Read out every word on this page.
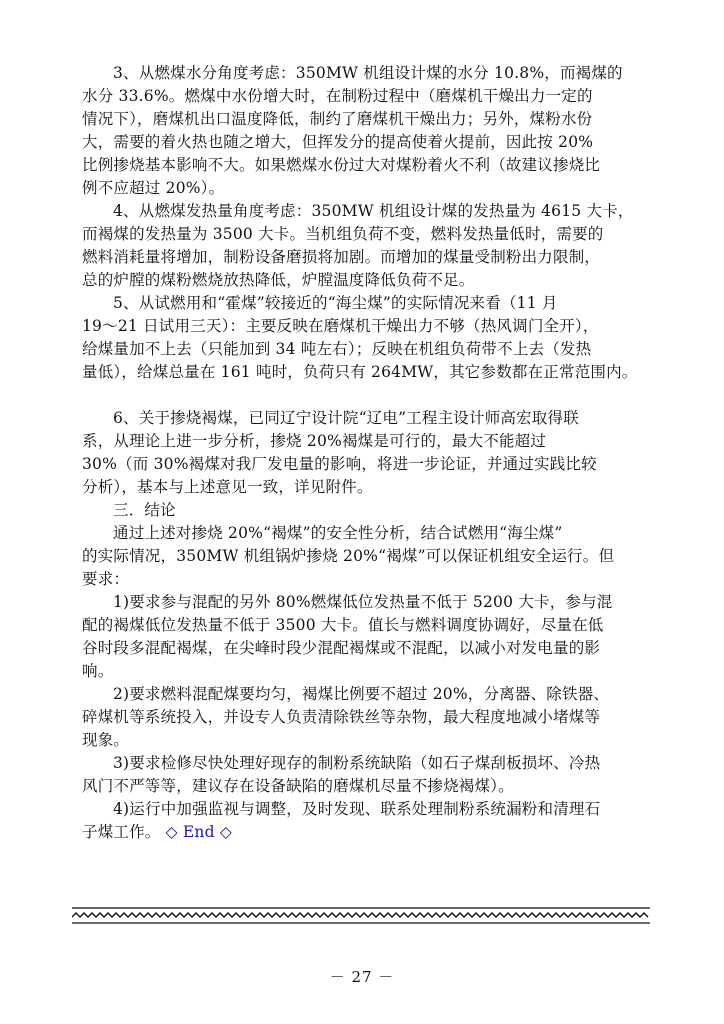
3、从燃煤水分角度考虑：350MW 机组设计煤的水分 10.8%，而褐煤的
水分 33.6%。燃煤中水份增大时，在制粉过程中（磨煤机干燥出力一定的
情况下），磨煤机出口温度降低，制约了磨煤机干燥出力；另外，煤粉水份
大，需要的着火热也随之增大，但挥发分的提高使着火提前，因此按 20%
比例掺烧基本影响不大。如果燃煤水份过大对煤粉着火不利（故建议掺烧比
例不应超过 20%）。
4、从燃煤发热量角度考虑：350MW 机组设计煤的发热量为 4615 大卡，
而褐煤的发热量为 3500 大卡。当机组负荷不变，燃料发热量低时，需要的
燃料消耗量将增加，制粉设备磨损将加剧。而增加的煤量受制粉出力限制，
总的炉膛的煤粉燃烧放热降低，炉膛温度降低负荷不足。
5、从试燃用和“霍煤”较接近的“海尘煤”的实际情况来看（11 月
19～21 日试用三天）：主要反映在磨煤机干燥出力不够（热风调门全开），
给煤量加不上去（只能加到 34 吨左右）；反映在机组负荷带不上去（发热
量低），给煤总量在 161 吨时，负荷只有 264MW，其它参数都在正常范围内。
6、关于掺烧褐煤，已同辽宁设计院“辽电”工程主设计师高宏取得联
系，从理论上进一步分析，掺烧 20%褐煤是可行的，最大不能超过
30%（而 30%褐煤对我厂发电量的影响，将进一步论证，并通过实践比较
分析），基本与上述意见一致，详见附件。
三．结论
通过上述对掺烧 20%“褐煤”的安全性分析，结合试燃用“海尘煤”
的实际情况，350MW 机组锅炉掺烧 20%“褐煤”可以保证机组安全运行。但
要求：
1)要求参与混配的另外 80%燃煤低位发热量不低于 5200 大卡，参与混
配的褐煤低位发热量不低于 3500 大卡。值长与燃料调度协调好，尽量在低
谷时段多混配褐煤，在尖峰时段少混配褐煤或不混配，以减小对发电量的影
响。
2)要求燃料混配煤要均匀，褐煤比例要不超过 20%，分离器、除铁器、
碎煤机等系统投入，并设专人负责清除铁丝等杂物，最大程度地减小堵煤等
现象。
3)要求检修尽快处理好现存的制粉系统缺陷（如石子煤刮板损坏、冷热
风门不严等等，建议存在设备缺陷的磨煤机尽量不掺烧褐煤）。
4)运行中加强监视与调整，及时发现、联系处理制粉系统漏粉和清理石
子煤工作。 ◇ End ◇
－ 27 －
